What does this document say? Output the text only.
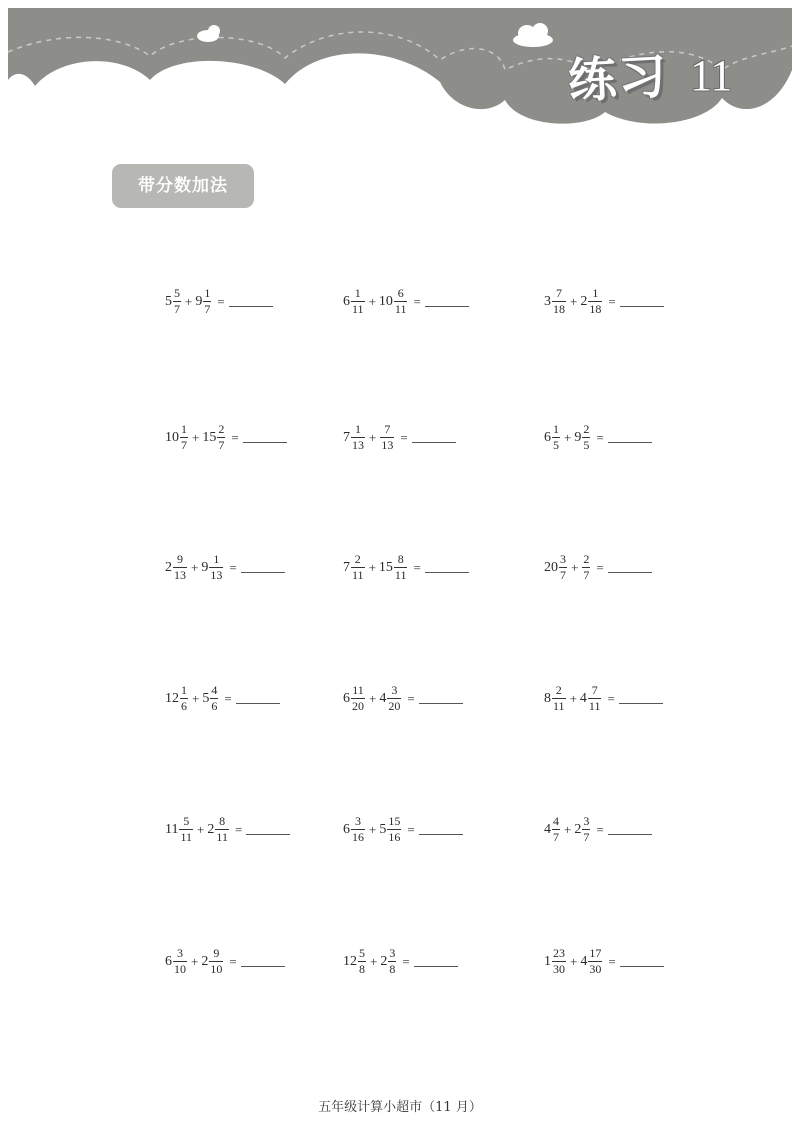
练习 11
带分数加法
$5 \frac{5}{7} + 9 \frac{1}{7}$ =	$6 \frac{1}{11} + 10 \frac{6}{11}$ =	$3 \frac{7}{18} + 2 \frac{1}{18}$ =
$10 \frac{1}{7} + 15 \frac{2}{7}$ =	$7 \frac{1}{13} + \frac{7}{13}$ =	$6 \frac{1}{5} + 9 \frac{2}{5}$ =
$2 \frac{9}{13} + 9 \frac{1}{13}$ =	$7 \frac{2}{11} + 15 \frac{8}{11}$ =	$20 \frac{3}{7} + \frac{2}{7}$ =
$12 \frac{1}{6} + 5 \frac{4}{6}$ =	$6 \frac{11}{20} + 4 \frac{3}{20}$ =	$8 \frac{2}{11} + 4 \frac{7}{11}$ =
$11 \frac{5}{11} + 2 \frac{8}{11}$ =	$6 \frac{3}{16} + 5 \frac{15}{16}$ =	$4 \frac{4}{7} + 2 \frac{3}{7}$ =
$6 \frac{3}{10} + 2 \frac{9}{10}$ =	$12 \frac{5}{8} + 2 \frac{3}{8}$ =	$1 \frac{23}{30} + 4 \frac{17}{30}$ =
五年级计算小超市（11 月）
